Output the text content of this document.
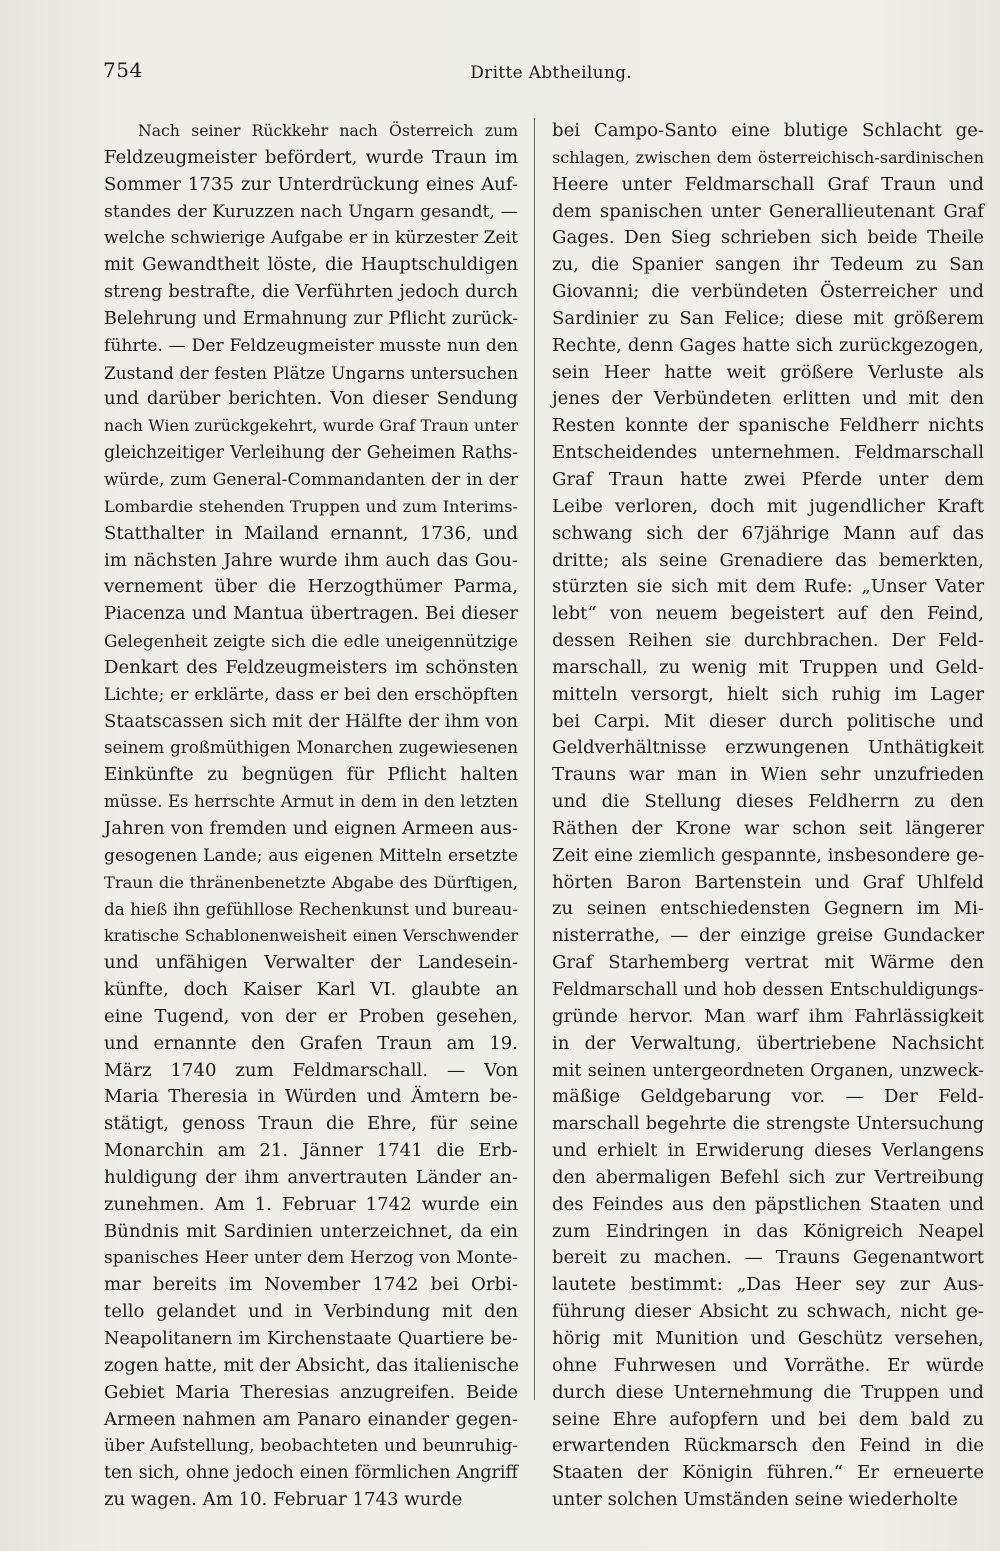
754	Dritte Abtheilung.
Nach seiner Rückkehr nach Österreich zum
Feldzeugmeister befördert, wurde Traun im
Sommer 1735 zur Unterdrückung eines Auf-
standes der Kuruzzen nach Ungarn gesandt, —
welche schwierige Aufgabe er in kürzester Zeit
mit Gewandtheit löste, die Hauptschuldigen
streng bestrafte, die Verführten jedoch durch
Belehrung und Ermahnung zur Pflicht zurück-
führte. — Der Feldzeugmeister musste nun den
Zustand der festen Plätze Ungarns untersuchen
und darüber berichten. Von dieser Sendung
nach Wien zurückgekehrt, wurde Graf Traun unter
gleichzeitiger Verleihung der Geheimen Raths-
würde, zum General-Commandanten der in der
Lombardie stehenden Truppen und zum Interims-
Statthalter in Mailand ernannt, 1736, und
im nächsten Jahre wurde ihm auch das Gou-
vernement über die Herzogthümer Parma,
Piacenza und Mantua übertragen. Bei dieser
Gelegenheit zeigte sich die edle uneigennützige
Denkart des Feldzeugmeisters im schönsten
Lichte; er erklärte, dass er bei den erschöpften
Staatscassen sich mit der Hälfte der ihm von
seinem großmüthigen Monarchen zugewiesenen
Einkünfte zu begnügen für Pflicht halten
müsse. Es herrschte Armut in dem in den letzten
Jahren von fremden und eignen Armeen aus-
gesogenen Lande; aus eigenen Mitteln ersetzte
Traun die thränenbenetzte Abgabe des Dürftigen,
da hieß ihn gefühllose Rechenkunst und bureau-
kratische Schablonenweisheit einen Verschwender
und unfähigen Verwalter der Landesein-
künfte, doch Kaiser Karl VI. glaubte an
eine Tugend, von der er Proben gesehen,
und ernannte den Grafen Traun am 19.
März 1740 zum Feldmarschall. — Von
Maria Theresia in Würden und Ämtern be-
stätigt, genoss Traun die Ehre, für seine
Monarchin am 21. Jänner 1741 die Erb-
huldigung der ihm anvertrauten Länder an-
zunehmen. Am 1. Februar 1742 wurde ein
Bündnis mit Sardinien unterzeichnet, da ein
spanisches Heer unter dem Herzog von Monte-
mar bereits im November 1742 bei Orbi-
tello gelandet und in Verbindung mit den
Neapolitanern im Kirchenstaate Quartiere be-
zogen hatte, mit der Absicht, das italienische
Gebiet Maria Theresias anzugreifen. Beide
Armeen nahmen am Panaro einander gegen-
über Aufstellung, beobachteten und beunruhig-
ten sich, ohne jedoch einen förmlichen Angriff
zu wagen. Am 10. Februar 1743 wurde
bei Campo-Santo eine blutige Schlacht ge-
schlagen, zwischen dem österreichisch-sardinischen
Heere unter Feldmarschall Graf Traun und
dem spanischen unter Generallieutenant Graf
Gages. Den Sieg schrieben sich beide Theile
zu, die Spanier sangen ihr Tedeum zu San
Giovanni; die verbündeten Österreicher und
Sardinier zu San Felice; diese mit größerem
Rechte, denn Gages hatte sich zurückgezogen,
sein Heer hatte weit größere Verluste als
jenes der Verbündeten erlitten und mit den
Resten konnte der spanische Feldherr nichts
Entscheidendes unternehmen. Feldmarschall
Graf Traun hatte zwei Pferde unter dem
Leibe verloren, doch mit jugendlicher Kraft
schwang sich der 67jährige Mann auf das
dritte; als seine Grenadiere das bemerkten,
stürzten sie sich mit dem Rufe: „Unser Vater
lebt“ von neuem begeistert auf den Feind,
dessen Reihen sie durchbrachen. Der Feld-
marschall, zu wenig mit Truppen und Geld-
mitteln versorgt, hielt sich ruhig im Lager
bei Carpi. Mit dieser durch politische und
Geldverhältnisse erzwungenen Unthätigkeit
Trauns war man in Wien sehr unzufrieden
und die Stellung dieses Feldherrn zu den
Räthen der Krone war schon seit längerer
Zeit eine ziemlich gespannte, insbesondere ge-
hörten Baron Bartenstein und Graf Uhlfeld
zu seinen entschiedensten Gegnern im Mi-
nisterrathe, — der einzige greise Gundacker
Graf Starhemberg vertrat mit Wärme den
Feldmarschall und hob dessen Entschuldigungs-
gründe hervor. Man warf ihm Fahrlässigkeit
in der Verwaltung, übertriebene Nachsicht
mit seinen untergeordneten Organen, unzweck-
mäßige Geldgebarung vor. — Der Feld-
marschall begehrte die strengste Untersuchung
und erhielt in Erwiderung dieses Verlangens
den abermaligen Befehl sich zur Vertreibung
des Feindes aus den päpstlichen Staaten und
zum Eindringen in das Königreich Neapel
bereit zu machen. — Trauns Gegenantwort
lautete bestimmt: „Das Heer sey zur Aus-
führung dieser Absicht zu schwach, nicht ge-
hörig mit Munition und Geschütz versehen,
ohne Fuhrwesen und Vorräthe. Er würde
durch diese Unternehmung die Truppen und
seine Ehre aufopfern und bei dem bald zu
erwartenden Rückmarsch den Feind in die
Staaten der Königin führen.“ Er erneuerte
unter solchen Umständen seine wiederholte
